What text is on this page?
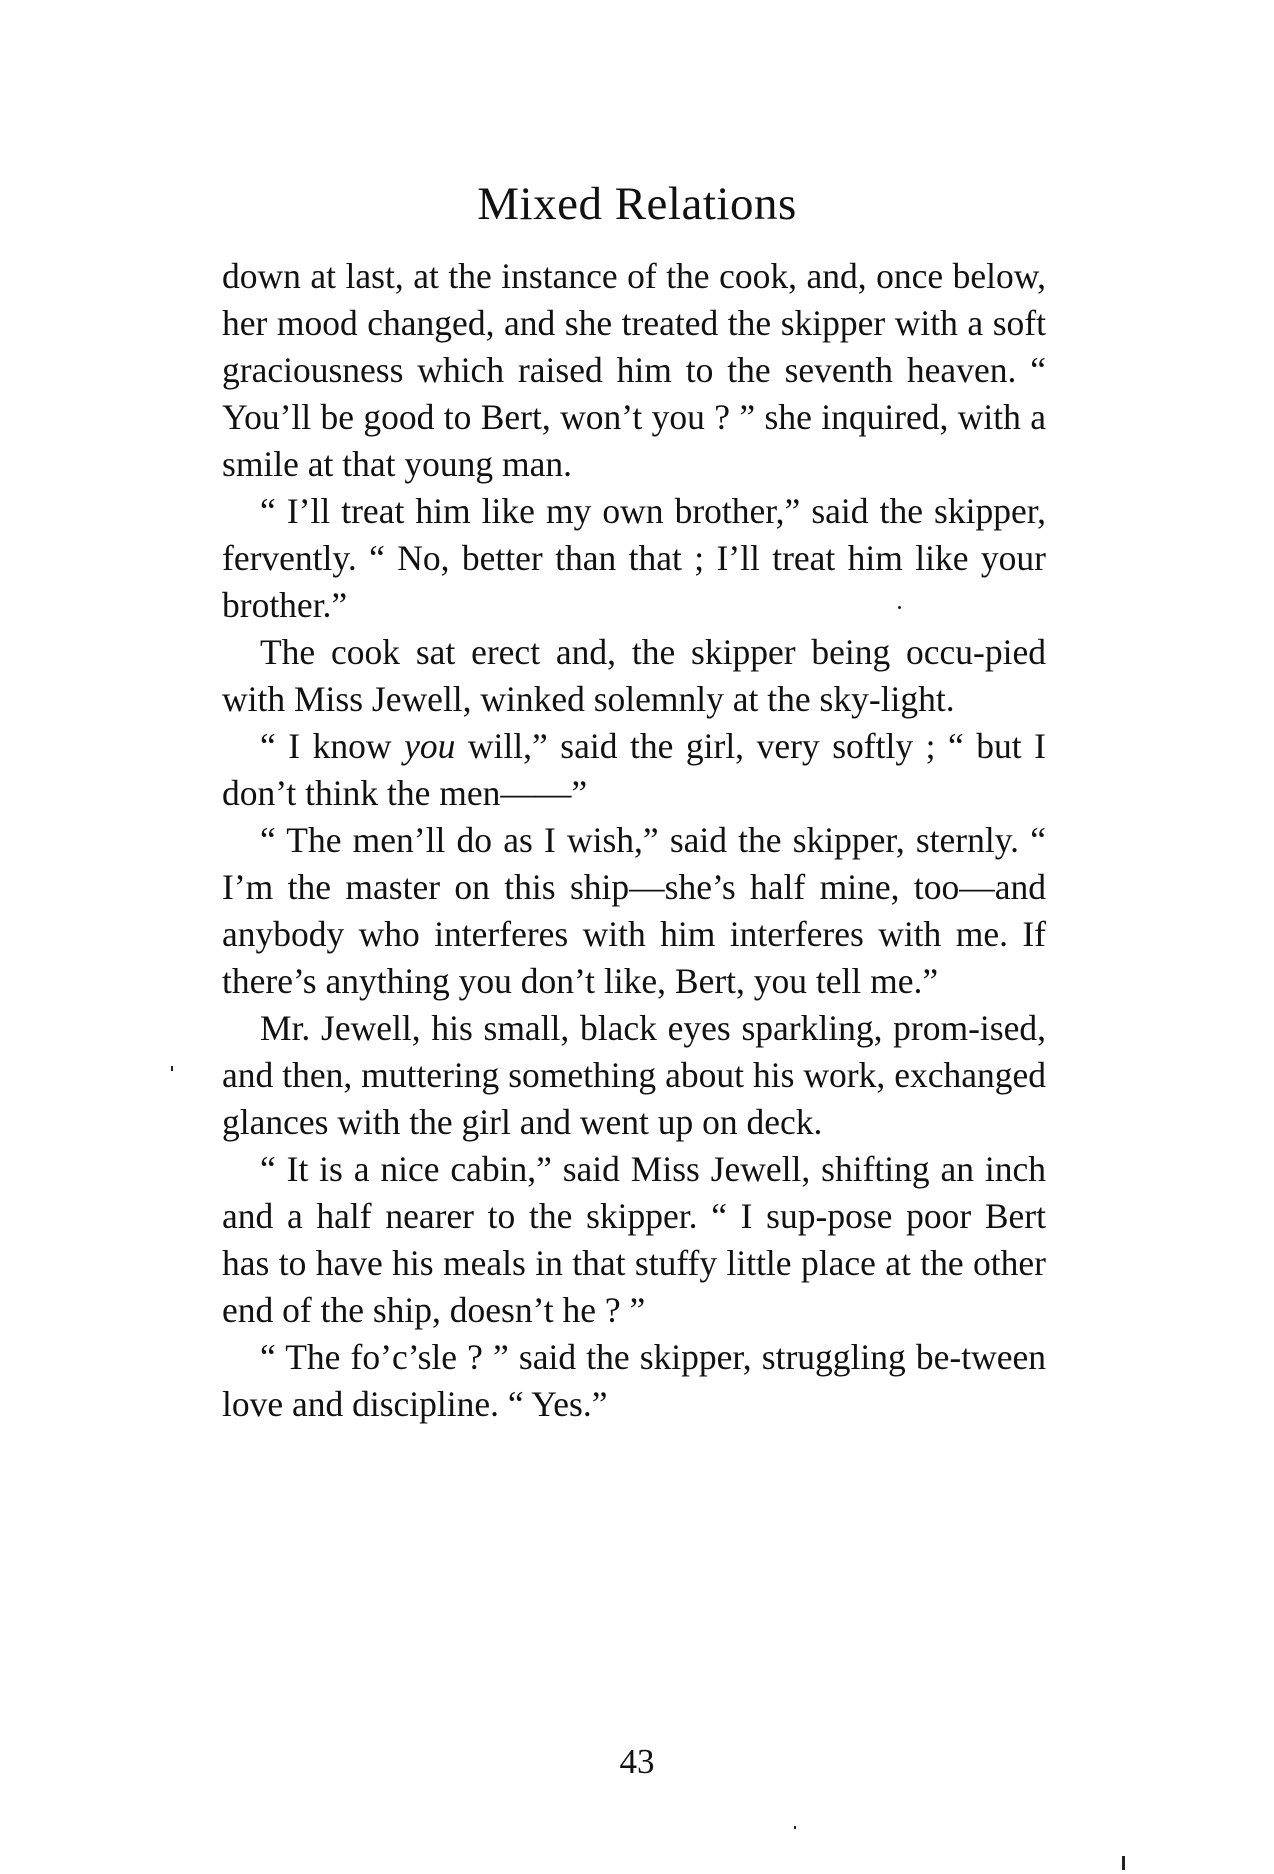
Mixed Relations

down at last, at the instance of the cook, and, once below, her mood changed, and she treated the skipper with a soft graciousness which raised him to the seventh heaven. “ You’ll be good to Bert, won’t you ? ” she inquired, with a smile at that young man.

“ I’ll treat him like my own brother,” said the skipper, fervently. “ No, better than that ; I’ll treat him like your brother.”

The cook sat erect and, the skipper being occu-pied with Miss Jewell, winked solemnly at the sky-light.

“ I know you will,” said the girl, very softly ; “ but I don’t think the men——”

“ The men’ll do as I wish,” said the skipper, sternly. “ I’m the master on this ship—she’s half mine, too—and anybody who interferes with him interferes with me. If there’s anything you don’t like, Bert, you tell me.”

Mr. Jewell, his small, black eyes sparkling, prom-ised, and then, muttering something about his work, exchanged glances with the girl and went up on deck.

“ It is a nice cabin,” said Miss Jewell, shifting an inch and a half nearer to the skipper. “ I sup-pose poor Bert has to have his meals in that stuffy little place at the other end of the ship, doesn’t he ? ”

“ The fo’c’sle ? ” said the skipper, struggling be-tween love and discipline. “ Yes.”

43
